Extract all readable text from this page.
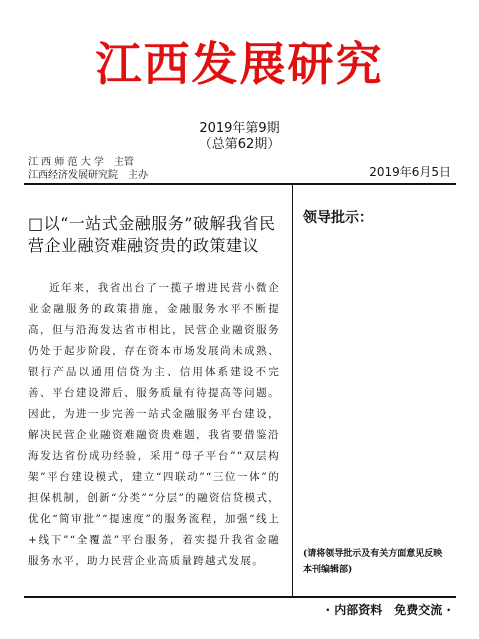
江西发展研究
2019年第9期
（总第62期）
江 西 师 范 大 学　主管
江西经济发展研究院　主办	2019年6月5日
□以“一站式金融服务”破解我省民营企业融资难融资贵的政策建议
近年来，我省出台了一揽子增进民营小微企业金融服务的政策措施，金融服务水平不断提高，但与沿海发达省市相比，民营企业融资服务仍处于起步阶段，存在资本市场发展尚未成熟、银行产品以通用信贷为主、信用体系建设不完善、平台建设滞后、服务质量有待提高等问题。因此，为进一步完善一站式金融服务平台建设，解决民营企业融资难融资贵难题，我省要借鉴沿海发达省份成功经验，采用“母子平台”“双层构架”平台建设模式，建立“四联动”“三位一体”的担保机制，创新“分类”“分层”的融资信贷模式，优化“简审批”“提速度”的服务流程，加强“线上+线下”“全覆盖”平台服务，着实提升我省金融服务水平，助力民营企业高质量跨越式发展。
领导批示：
(请将领导批示及有关方面意见反映本刊编辑部)
· 内部资料　免费交流 ·
